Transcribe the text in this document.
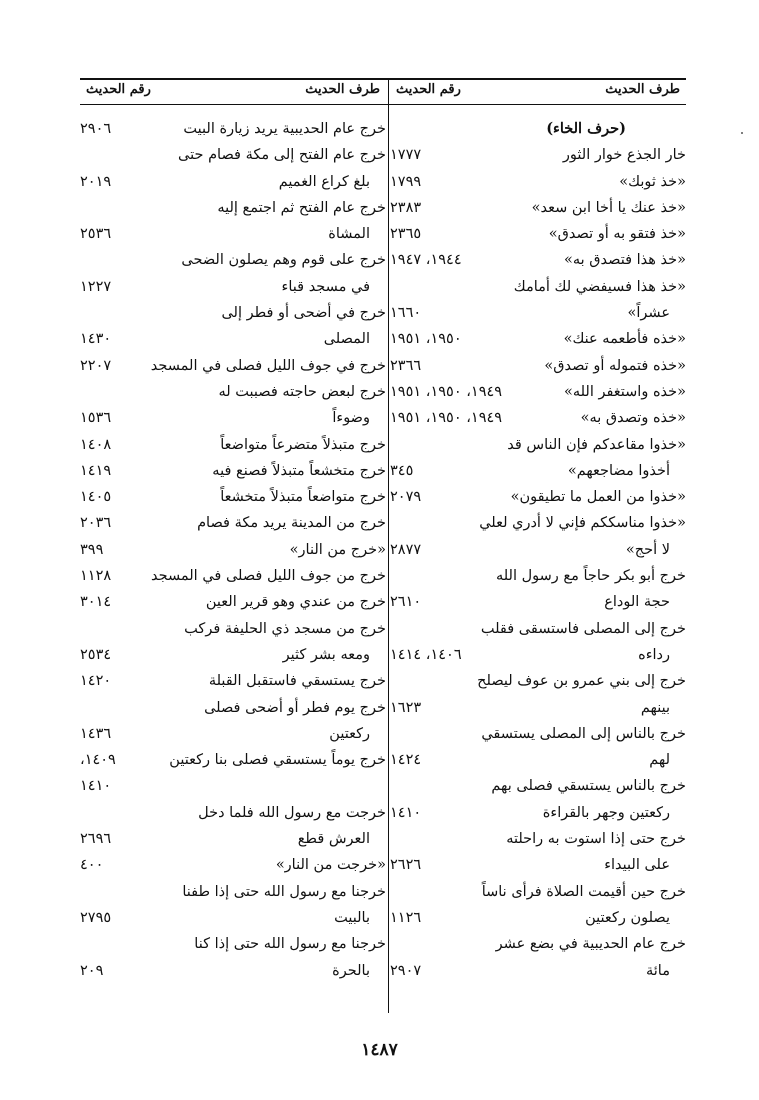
طرف الحديث
رقم الحديث
طرف الحديث
رقم الحديث
(حرف الخاء)
خار الجذع خوار الثور
١٧٧٧
«خذ ثوبك»
١٧٩٩
«خذ عنك يا أخا ابن سعد»
٢٣٨٣
«خذ فتقو به أو تصدق»
٢٣٦٥
«خذ هذا فتصدق به»
١٩٤٤، ١٩٤٧
«خذ هذا فسيفضي لك أمامك
عشراً»
١٦٦٠
«خذه فأطعمه عنك»
١٩٥٠، ١٩٥١
«خذه فتموله أو تصدق»
٢٣٦٦
«خذه واستغفر الله»
١٩٤٩، ١٩٥٠، ١٩٥١
«خذه وتصدق به»
١٩٤٩، ١٩٥٠، ١٩٥١
«خذوا مقاعدكم فإن الناس قد
أخذوا مضاجعهم»
٣٤٥
«خذوا من العمل ما تطيقون»
٢٠٧٩
«خذوا مناسككم فإني لا أدري لعلي
لا أحج»
٢٨٧٧
خرج أبو بكر حاجاً مع رسول الله
حجة الوداع
٢٦١٠
خرج إلى المصلى فاستسقى فقلب
رداءه
١٤٠٦، ١٤١٤
خرج إلى بني عمرو بن عوف ليصلح
بينهم
١٦٢٣
خرج بالناس إلى المصلى يستسقي
لهم
١٤٢٤
خرج بالناس يستسقي فصلى بهم
ركعتين وجهر بالقراءة
١٤١٠
خرج حتى إذا استوت به راحلته
على البيداء
٢٦٢٦
خرج حين أقيمت الصلاة فرأى ناساً
يصلون ركعتين
١١٢٦
خرج عام الحديبية في بضع عشر
مائة
٢٩٠٧
خرج عام الحديبية يريد زيارة البيت
٢٩٠٦
خرج عام الفتح إلى مكة فصام حتى
بلغ كراع الغميم
٢٠١٩
خرج عام الفتح ثم اجتمع إليه
المشاة
٢٥٣٦
خرج على قوم وهم يصلون الضحى
في مسجد قباء
١٢٢٧
خرج في أضحى أو فطر إلى
المصلى
١٤٣٠
خرج في جوف الليل فصلى في المسجد
٢٢٠٧
خرج لبعض حاجته فصببت له
وضوءاً
١٥٣٦
خرج متبذلاً متضرعاً متواضعاً
١٤٠٨
خرج متخشعاً متبذلاً فصنع فيه
١٤١٩
خرج متواضعاً متبذلاً متخشعاً
١٤٠٥
خرج من المدينة يريد مكة فصام
٢٠٣٦
«خرج من النار»
٣٩٩
خرج من جوف الليل فصلى في المسجد
١١٢٨
خرج من عندي وهو قرير العين
٣٠١٤
خرج من مسجد ذي الحليفة فركب
ومعه بشر كثير
٢٥٣٤
خرج يستسقي فاستقبل القبلة
١٤٢٠
خرج يوم فطر أو أضحى فصلى
ركعتين
١٤٣٦
خرج يوماً يستسقي فصلى بنا ركعتين
١٤٠٩،
١٤١٠
خرجت مع رسول الله فلما دخل
العرش قطع
٢٦٩٦
«خرجت من النار»
٤٠٠
خرجنا مع رسول الله حتى إذا طفنا
بالبيت
٢٧٩٥
خرجنا مع رسول الله حتى إذا كنا
بالحرة
٢٠٩
١٤٨٧
